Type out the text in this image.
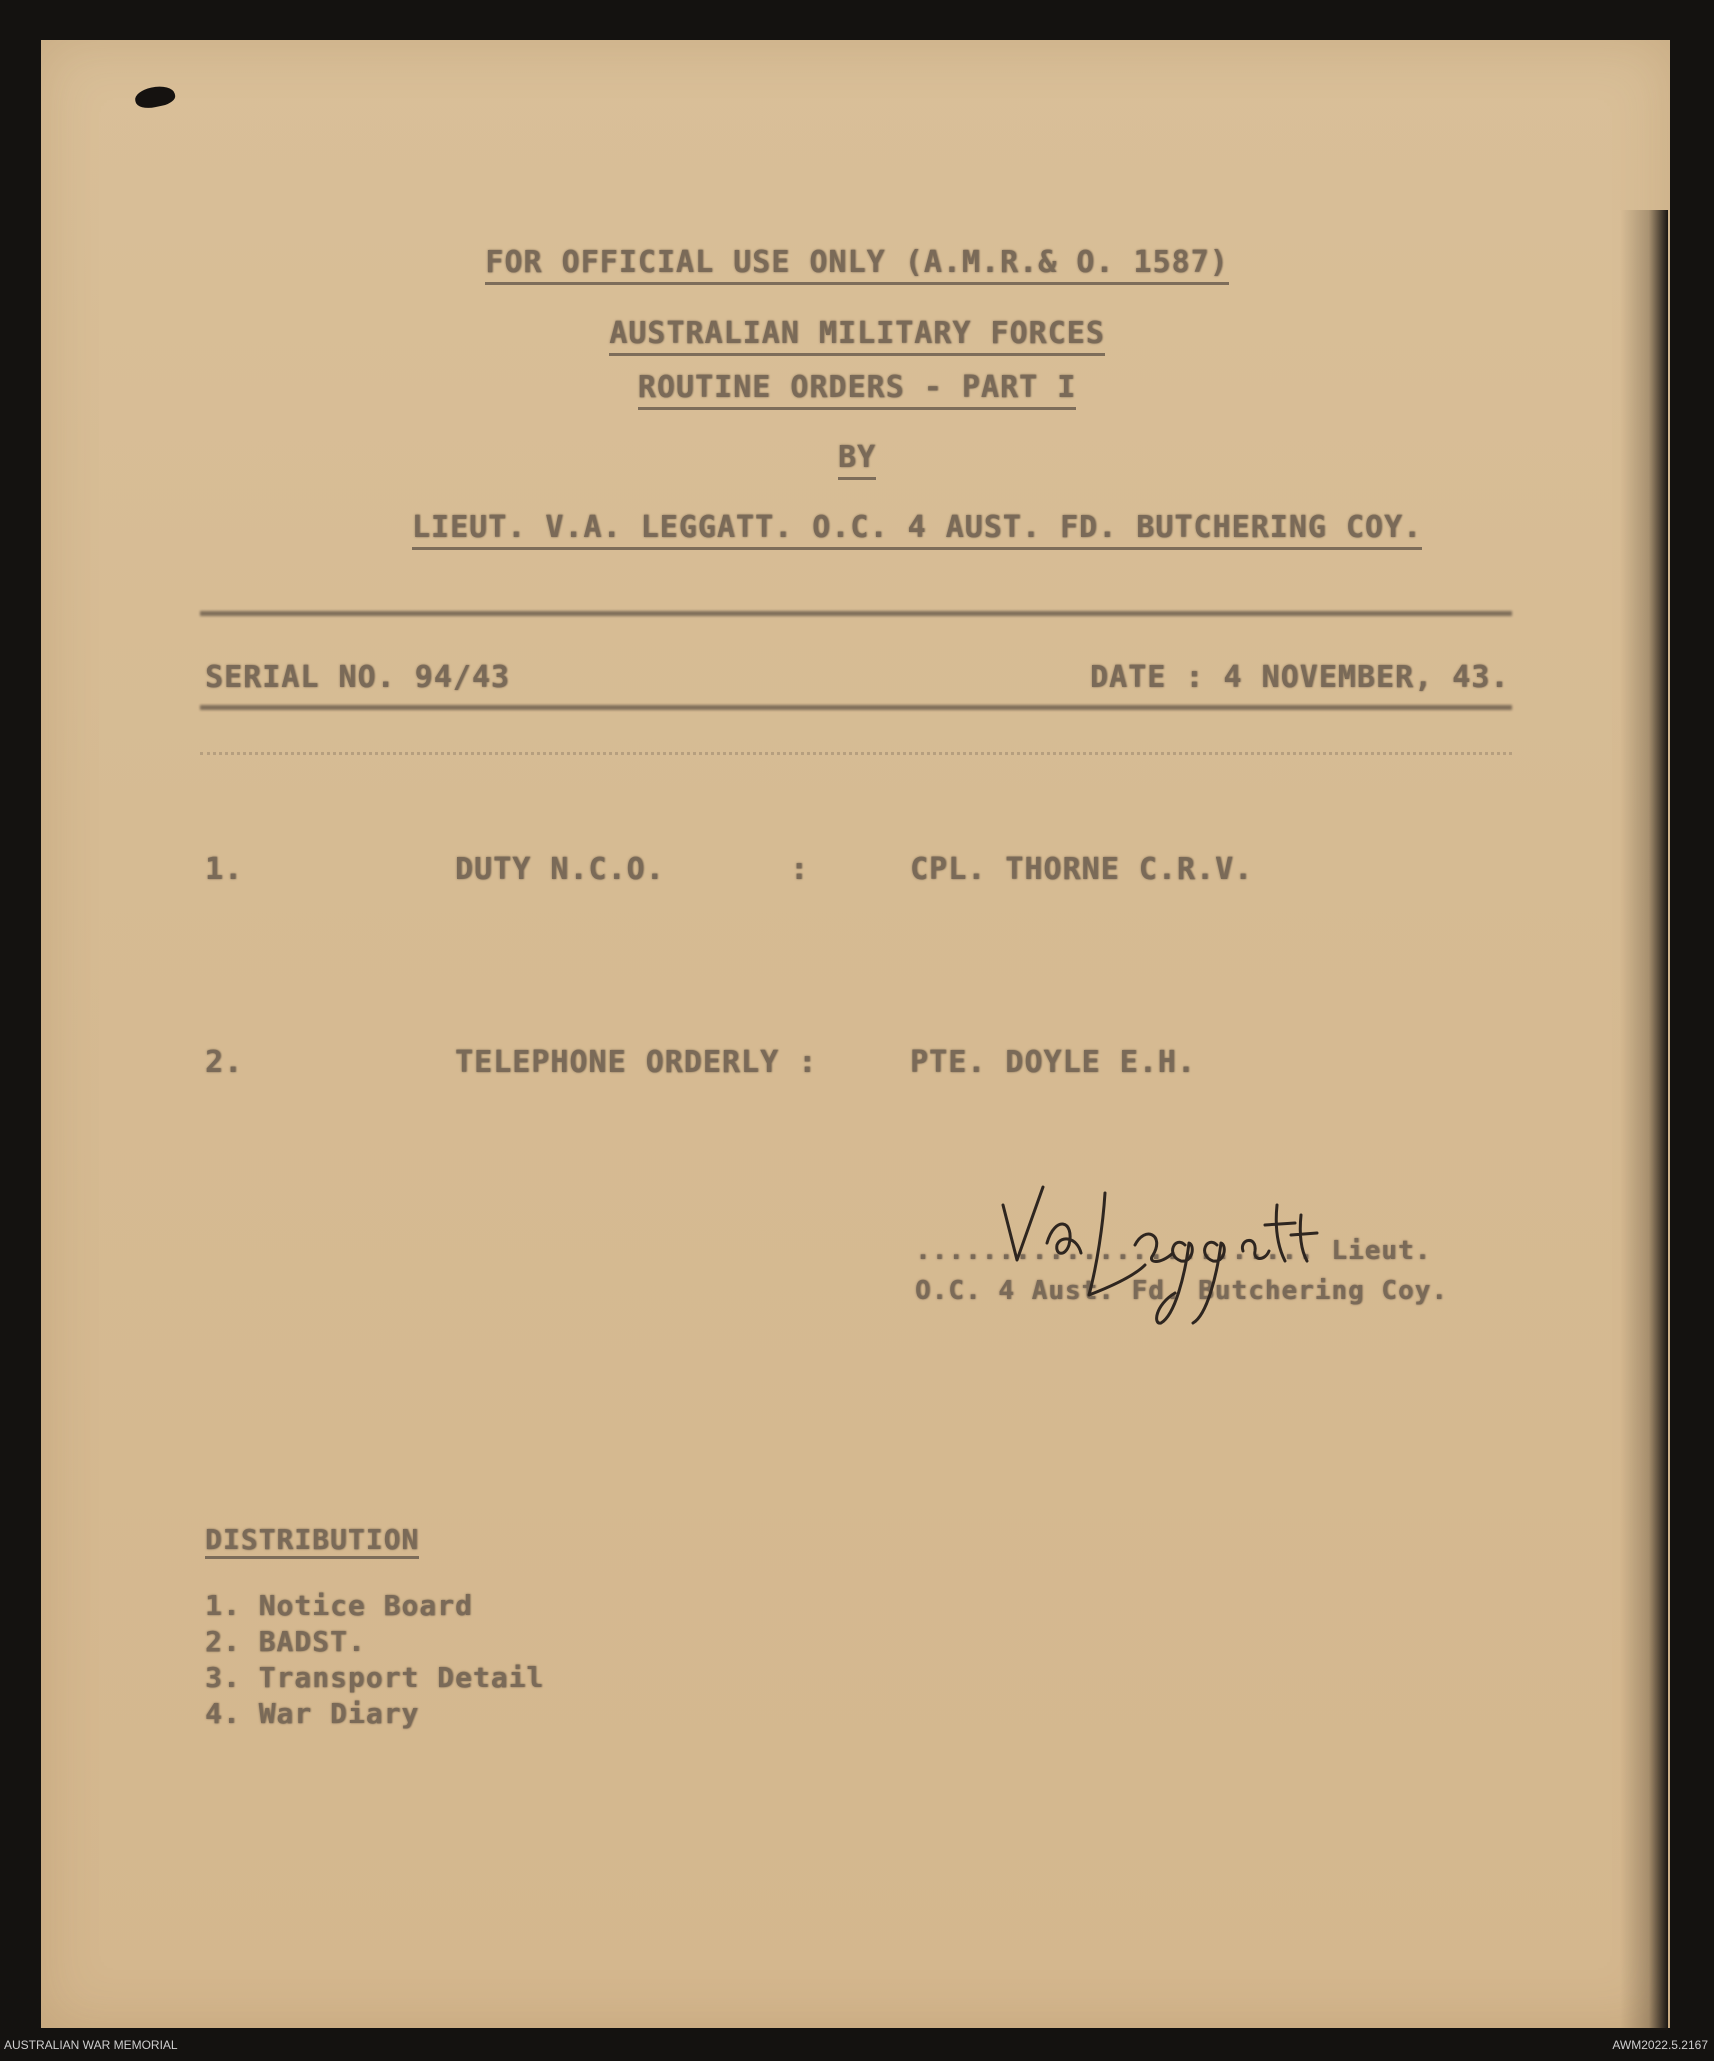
FOR OFFICIAL USE ONLY (A.M.R.& O. 1587)
AUSTRALIAN MILITARY FORCES
ROUTINE ORDERS - PART I
BY
LIEUT. V.A. LEGGATT. O.C. 4 AUST. FD. BUTCHERING COY.
SERIAL NO. 94/43	DATE : 4 NOVEMBER, 43.
1.	DUTY N.C.O.	:	CPL. THORNE C.R.V.
2.	TELEPHONE ORDERLY :	PTE. DOYLE E.H.
........................ Lieut.
O.C. 4 Aust. Fd. Butchering Coy.
DISTRIBUTION
1. Notice Board
2. BADST.
3. Transport Detail
4. War Diary
AUSTRALIAN WAR MEMORIAL	AWM2022.5.2167
